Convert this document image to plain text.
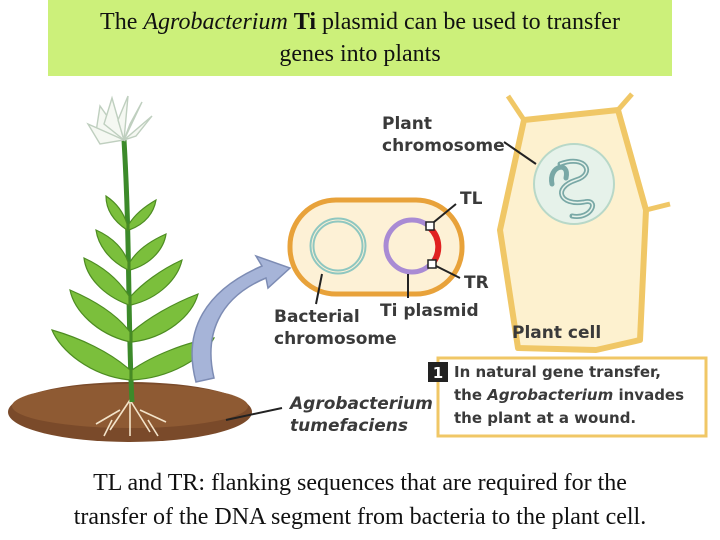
The Agrobacterium Ti plasmid can be used to transfer
genes into plants
Plant
chromosome
TL
TR
Bacterial
chromosome
Ti plasmid
Plant cell
Agrobacterium
tumefaciens
1 In natural gene transfer,
the Agrobacterium invades
the plant at a wound.
TL and TR: flanking sequences that are required for the
transfer of the DNA segment from bacteria to the plant cell.
